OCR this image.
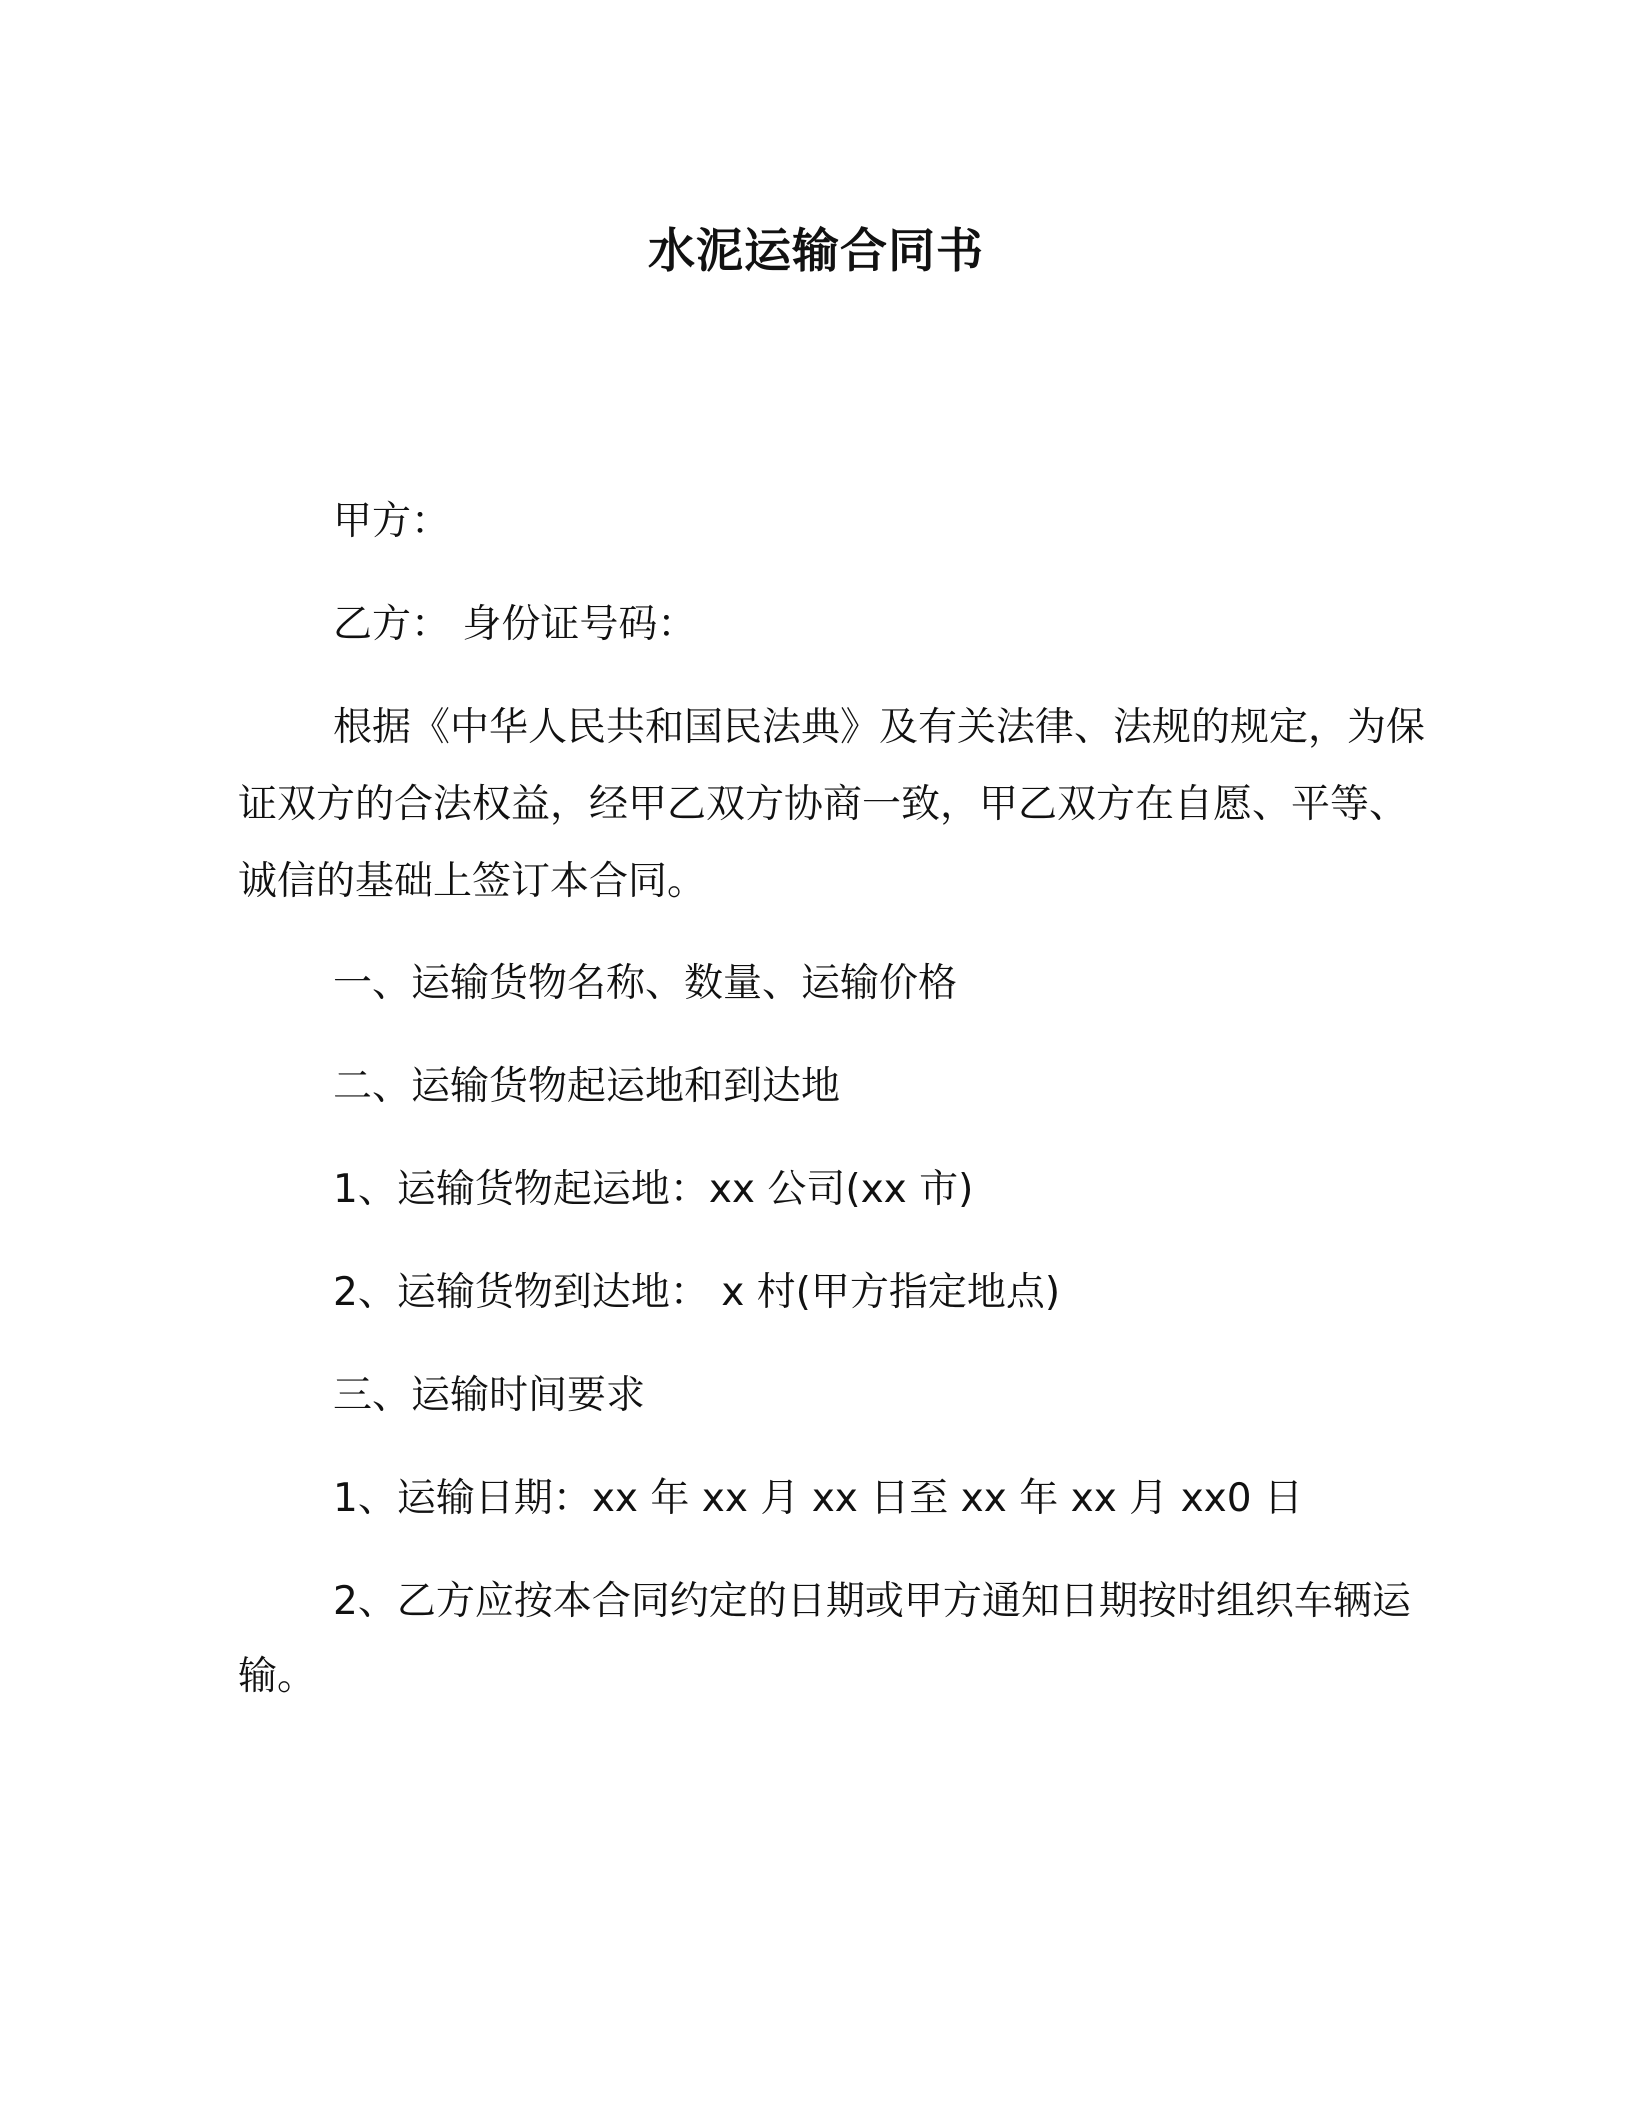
水泥运输合同书
甲方：
乙方： 身份证号码：
根据《中华人民共和国民法典》及有关法律、法规的规定，为保
证双方的合法权益，经甲乙双方协商一致，甲乙双方在自愿、平等、
诚信的基础上签订本合同。
一、运输货物名称、数量、运输价格
二、运输货物起运地和到达地
1、运输货物起运地：xx 公司(xx 市)
2、运输货物到达地： x 村(甲方指定地点)
三、运输时间要求
1、运输日期：xx 年 xx 月 xx 日至 xx 年 xx 月 xx0 日
2、乙方应按本合同约定的日期或甲方通知日期按时组织车辆运
输。
